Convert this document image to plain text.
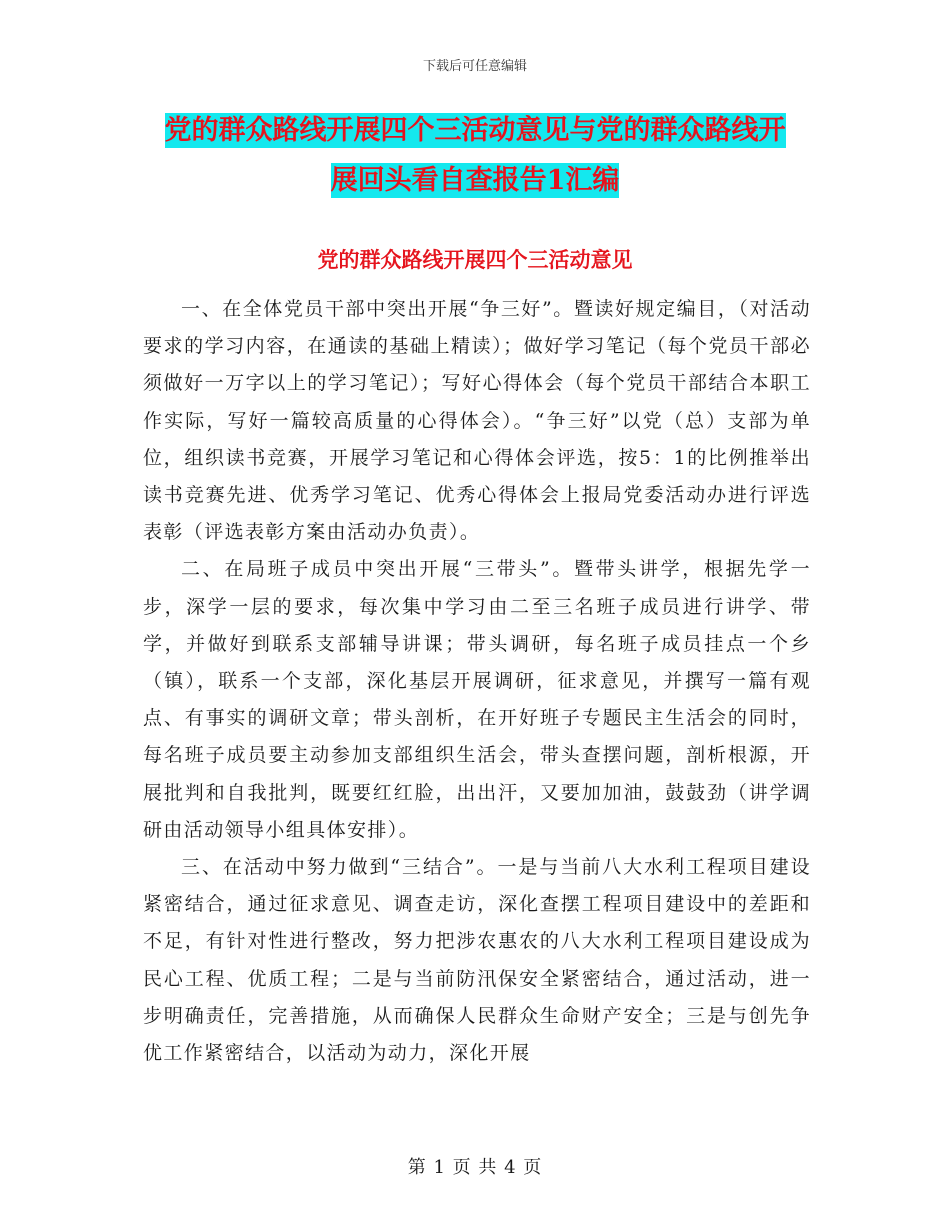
下载后可任意编辑
党的群众路线开展四个三活动意见与党的群众路线开
展回头看自查报告1汇编
党的群众路线开展四个三活动意见

一、在全体党员干部中突出开展“争三好”。暨读好规定编目，（对活动要求的学习内容，在通读的基础上精读）；做好学习笔记（每个党员干部必须做好一万字以上的学习笔记）；写好心得体会（每个党员干部结合本职工作实际，写好一篇较高质量的心得体会）。“争三好”以党（总）支部为单位，组织读书竞赛，开展学习笔记和心得体会评选，按5：1的比例推举出读书竞赛先进、优秀学习笔记、优秀心得体会上报局党委活动办进行评选表彰（评选表彰方案由活动办负责）。

二、在局班子成员中突出开展“三带头”。暨带头讲学，根据先学一步，深学一层的要求，每次集中学习由二至三名班子成员进行讲学、带学，并做好到联系支部辅导讲课；带头调研，每名班子成员挂点一个乡（镇），联系一个支部，深化基层开展调研，征求意见，并撰写一篇有观点、有事实的调研文章；带头剖析，在开好班子专题民主生活会的同时，每名班子成员要主动参加支部组织生活会，带头查摆问题，剖析根源，开展批判和自我批判，既要红红脸，出出汗，又要加加油，鼓鼓劲（讲学调研由活动领导小组具体安排）。

三、在活动中努力做到“三结合”。一是与当前八大水利工程项目建设紧密结合，通过征求意见、调查走访，深化查摆工程项目建设中的差距和不足，有针对性进行整改，努力把涉农惠农的八大水利工程项目建设成为民心工程、优质工程；二是与当前防汛保安全紧密结合，通过活动，进一步明确责任，完善措施，从而确保人民群众生命财产安全；三是与创先争优工作紧密结合，以活动为动力，深化开展

第 1 页 共 4 页
